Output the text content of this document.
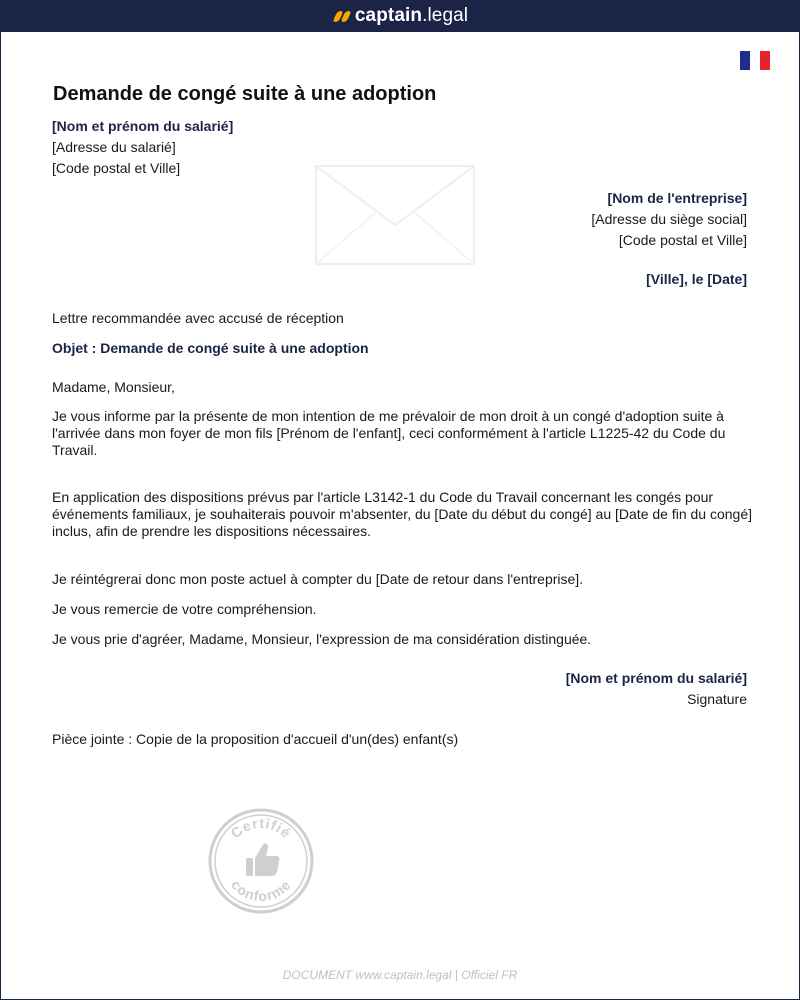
captain .legal
Demande de congé suite à une adoption
[Nom et prénom du salarié]
[Adresse du salarié]
[Code postal et Ville]
[Nom de l'entreprise]
[Adresse du siège social]
[Code postal et Ville]
[Ville], le [Date]
Lettre recommandée avec accusé de réception
Objet : Demande de congé suite à une adoption
Madame, Monsieur,
Je vous informe par la présente de mon intention de me prévaloir de mon droit à un congé d'adoption suite à l'arrivée dans mon foyer de mon fils [Prénom de l'enfant], ceci conformément à l'article L1225-42 du Code du Travail.
En application des dispositions prévus par l'article L3142-1 du Code du Travail concernant les congés pour événements familiaux, je souhaiterais pouvoir m'absenter, du [Date du début du congé] au [Date de fin du congé] inclus, afin de prendre les dispositions nécessaires.
Je réintégrerai donc mon poste actuel à compter du [Date de retour dans l'entreprise].
Je vous remercie de votre compréhension.
Je vous prie d'agréer, Madame, Monsieur, l'expression de ma considération distinguée.
[Nom et prénom du salarié]
Signature
Pièce jointe : Copie de la proposition d'accueil d'un(des) enfant(s)
Certifié
conforme
DOCUMENT www.captain.legal | Officiel FR
